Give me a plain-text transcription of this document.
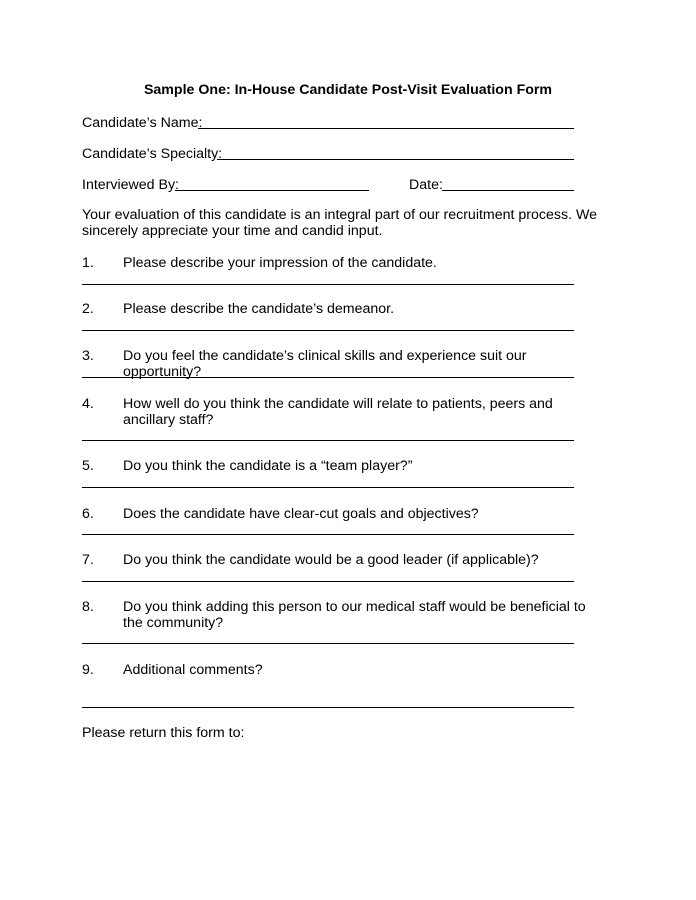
Sample One: In-House Candidate Post-Visit Evaluation Form
Candidate’s Name:
Candidate’s Specialty:
Interviewed By:	Date:
Your evaluation of this candidate is an integral part of our recruitment process. We sincerely appreciate your time and candid input.
1. Please describe your impression of the candidate.
2. Please describe the candidate’s demeanor.
3. Do you feel the candidate’s clinical skills and experience suit our opportunity?
4. How well do you think the candidate will relate to patients, peers and ancillary staff?
5. Do you think the candidate is a “team player?”
6. Does the candidate have clear-cut goals and objectives?
7. Do you think the candidate would be a good leader (if applicable)?
8. Do you think adding this person to our medical staff would be beneficial to the community?
9. Additional comments?
Please return this form to:
